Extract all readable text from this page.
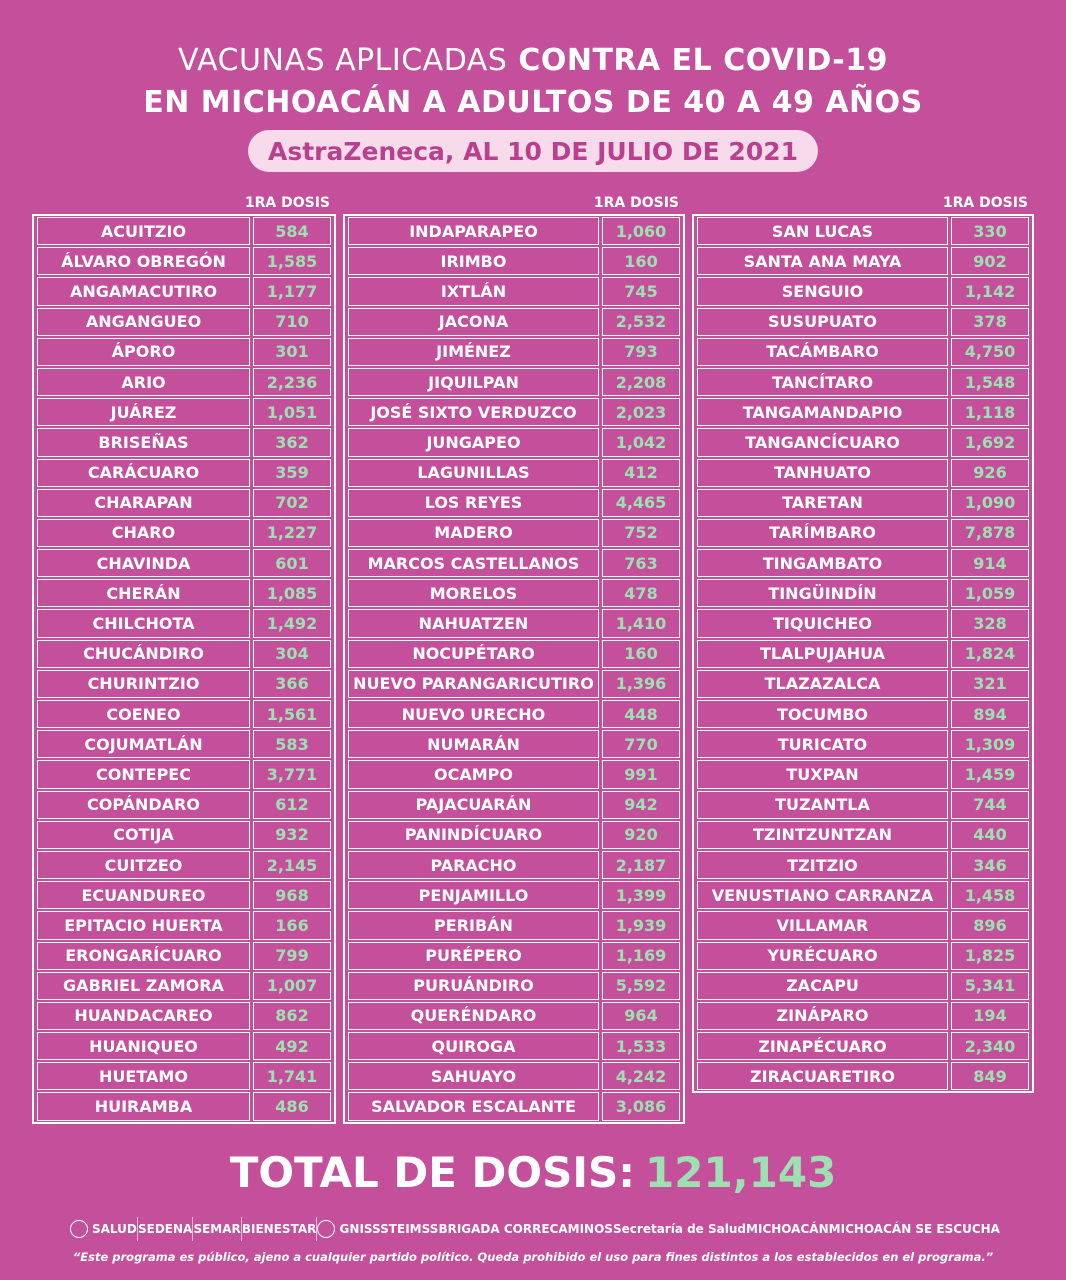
VACUNAS APLICADAS CONTRA EL COVID-19
EN MICHOACÁN A ADULTOS DE 40 A 49 AÑOS
AstraZeneca, AL 10 DE JULIO DE 2021
1RA DOSIS
ACUITZIO	584
ÁLVARO OBREGÓN	1,585
ANGAMACUTIRO	1,177
ANGANGUEO	710
ÁPORO	301
ARIO	2,236
JUÁREZ	1,051
BRISEÑAS	362
CARÁCUARO	359
CHARAPAN	702
CHARO	1,227
CHAVINDA	601
CHERÁN	1,085
CHILCHOTA	1,492
CHUCÁNDIRO	304
CHURINTZIO	366
COENEO	1,561
COJUMATLÁN	583
CONTEPEC	3,771
COPÁNDARO	612
COTIJA	932
CUITZEO	2,145
ECUANDUREO	968
EPITACIO HUERTA	166
ERONGARÍCUARO	799
GABRIEL ZAMORA	1,007
HUANDACAREO	862
HUANIQUEO	492
HUETAMO	1,741
HUIRAMBA	486
1RA DOSIS
INDAPARAPEO	1,060
IRIMBO	160
IXTLÁN	745
JACONA	2,532
JIMÉNEZ	793
JIQUILPAN	2,208
JOSÉ SIXTO VERDUZCO	2,023
JUNGAPEO	1,042
LAGUNILLAS	412
LOS REYES	4,465
MADERO	752
MARCOS CASTELLANOS	763
MORELOS	478
NAHUATZEN	1,410
NOCUPÉTARO	160
NUEVO PARANGARICUTIRO	1,396
NUEVO URECHO	448
NUMARÁN	770
OCAMPO	991
PAJACUARÁN	942
PANINDÍCUARO	920
PARACHO	2,187
PENJAMILLO	1,399
PERIBÁN	1,939
PURÉPERO	1,169
PURUÁNDIRO	5,592
QUERÉNDARO	964
QUIROGA	1,533
SAHUAYO	4,242
SALVADOR ESCALANTE	3,086
1RA DOSIS
SAN LUCAS	330
SANTA ANA MAYA	902
SENGUIO	1,142
SUSUPUATO	378
TACÁMBARO	4,750
TANCÍTARO	1,548
TANGAMANDAPIO	1,118
TANGANCÍCUARO	1,692
TANHUATO	926
TARETAN	1,090
TARÍMBARO	7,878
TINGAMBATO	914
TINGÜINDÍN	1,059
TIQUICHEO	328
TLALPUJAHUA	1,824
TLAZAZALCA	321
TOCUMBO	894
TURICATO	1,309
TUXPAN	1,459
TUZANTLA	744
TZINTZUNTZAN	440
TZITZIO	346
VENUSTIANO CARRANZA	1,458
VILLAMAR	896
YURÉCUARO	1,825
ZACAPU	5,341
ZINÁPARO	194
ZINAPÉCUARO	2,340
ZIRACUARETIRO	849
TOTAL DE DOSIS: 121,143
SALUD SEDENA SEMAR BIENESTAR GN ISSSTE IMSS BRIGADA CORRECAMINOS Secretaría de Salud MICHOACÁN MICHOACÁN SE ESCUCHA
“Este programa es público, ajeno a cualquier partido político. Queda prohibido el uso para fines distintos a los establecidos en el programa.”
